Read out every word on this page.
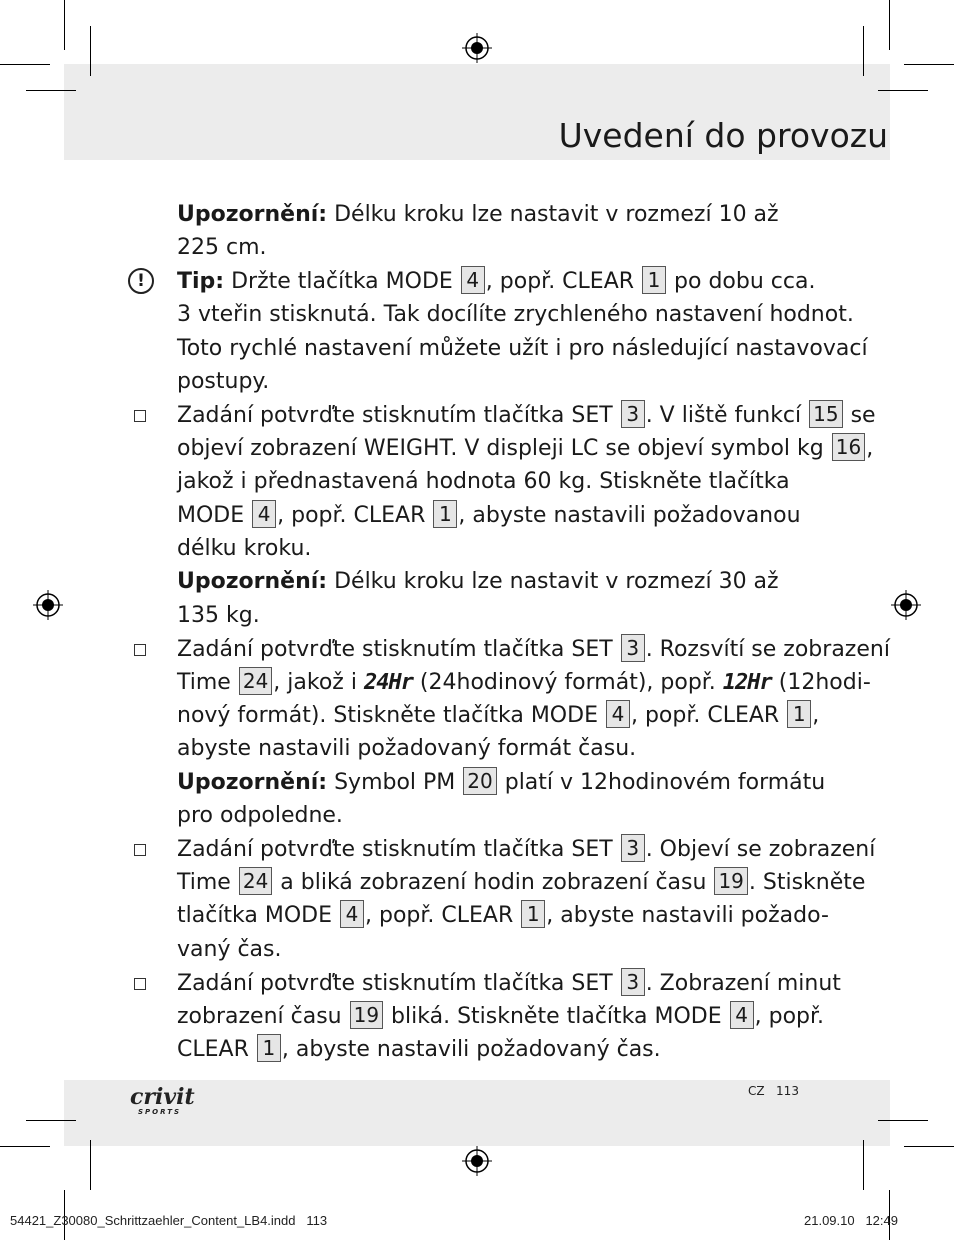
Uvedení do provozu
Upozornění: Délku kroku lze nastavit v rozmezí 10 až
225 cm.
!	Tip: Držte tlačítka MODE 4 , popř. CLEAR 1 po dobu cca.
3 vteřin stisknutá. Tak docílíte zrychleného nastavení hodnot.
Toto rychlé nastavení můžete užít i pro následující nastavovací
postupy.
Zadání potvrďte stisknutím tlačítka SET 3 . V liště funkcí 15 se
objeví zobrazení WEIGHT. V displeji LC se objeví symbol kg 16 ,
jakož i přednastavená hodnota 60 kg. Stiskněte tlačítka
MODE 4 , popř. CLEAR 1 , abyste nastavili požadovanou
délku kroku.
Upozornění: Délku kroku lze nastavit v rozmezí 30 až
135 kg.
Zadání potvrďte stisknutím tlačítka SET 3 . Rozsvítí se zobrazení
Time 24 , jakož i 24Hr (24hodinový formát), popř. 12Hr (12hodi-
nový formát). Stiskněte tlačítka MODE 4 , popř. CLEAR 1 ,
abyste nastavili požadovaný formát času.
Upozornění: Symbol PM 20 platí v 12hodinovém formátu
pro odpoledne.
Zadání potvrďte stisknutím tlačítka SET 3 . Objeví se zobrazení
Time 24 a bliká zobrazení hodin zobrazení času 19 . Stiskněte
tlačítka MODE 4 , popř. CLEAR 1 , abyste nastavili požado-
vaný čas.
Zadání potvrďte stisknutím tlačítka SET 3 . Zobrazení minut
zobrazení času 19 bliká. Stiskněte tlačítka MODE 4 , popř.
CLEAR 1 , abyste nastavili požadovaný čas.
crivit
SPORTS
CZ   113
54421_Z30080_Schrittzaehler_Content_LB4.indd   113	21.09.10   12:49
